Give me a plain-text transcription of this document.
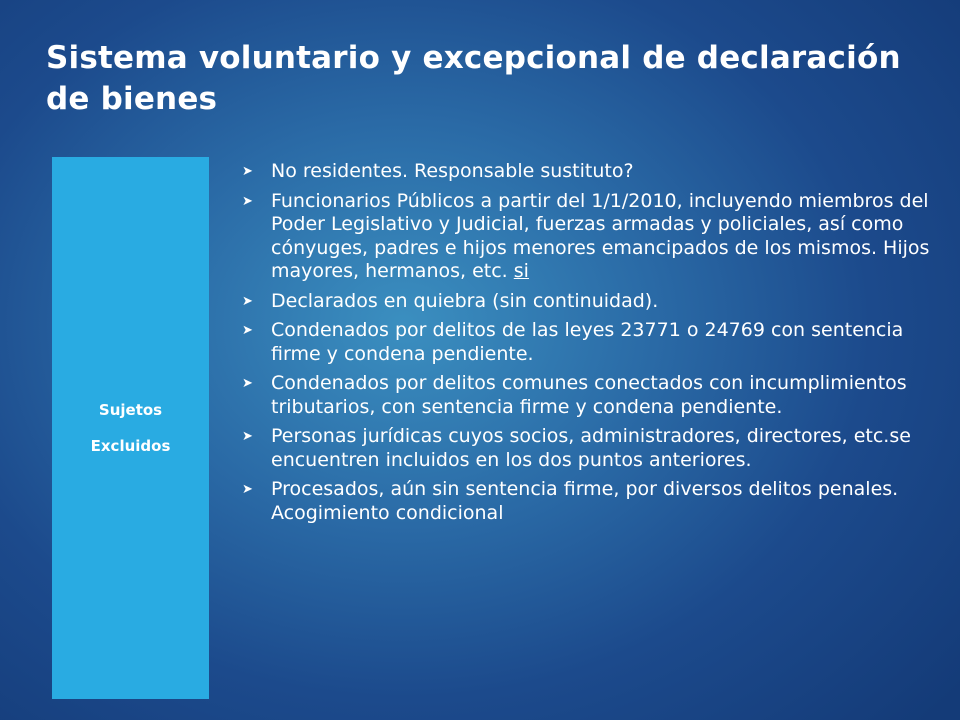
Sistema voluntario y excepcional de declaración de bienes
Sujetos
Excluidos
➤ No residentes. Responsable sustituto?
➤ Funcionarios Públicos a partir del 1/1/2010, incluyendo miembros del Poder Legislativo y Judicial, fuerzas armadas y policiales, así como cónyuges, padres e hijos menores emancipados de los mismos. Hijos mayores, hermanos, etc. si
➤ Declarados en quiebra (sin continuidad).
➤ Condenados por delitos de las leyes 23771 o 24769 con sentencia firme y condena pendiente.
➤ Condenados por delitos comunes conectados con incumplimientos tributarios, con sentencia firme y condena pendiente.
➤ Personas jurídicas cuyos socios, administradores, directores, etc.se encuentren incluidos en los dos puntos anteriores.
➤ Procesados, aún sin sentencia firme, por diversos delitos penales. Acogimiento condicional
